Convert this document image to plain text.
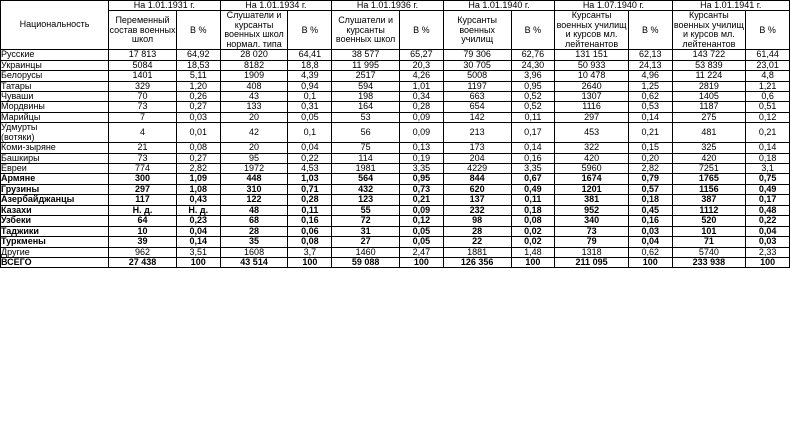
Национальность	На 1.01.1931 г.		На 1.01.1934 г.		На 1.01.1936 г.		На 1.01.1940 г.		На 1.07.1940 г.		На 1.01.1941 г.	
	Переменный состав военных школ	В %	Слушатели и курсанты военных школ нормал. типа	В %	Слушатели и курсанты военных школ	В %	Курсанты военных училищ	В %	Курсанты военных училищ и курсов мл. лейтенантов	В %	Курсанты военных училищ и курсов мл. лейтенантов	В %
Русские	17 813	64,92	28 020	64,41	38 577	65,27	79 306	62,76	131 151	62,13	143 722	61,44
Украинцы	5084	18,53	8182	18,8	11 995	20,3	30 705	24,30	50 933	24,13	53 839	23,01
Белорусы	1401	5,11	1909	4,39	2517	4,26	5008	3,96	10 478	4,96	11 224	4,8
Татары	329	1,20	408	0,94	594	1,01	1197	0,95	2640	1,25	2819	1,21
Чуваши	70	0,26	43	0,1	198	0,34	663	0,52	1307	0,62	1405	0,6
Мордвины	73	0,27	133	0,31	164	0,28	654	0,52	1116	0,53	1187	0,51
Марийцы	7	0,03	20	0,05	53	0,09	142	0,11	297	0,14	275	0,12
Удмурты
(вотяки)	4	0,01	42	0,1	56	0,09	213	0,17	453	0,21	481	0,21
Коми-зыряне	21	0,08	20	0,04	75	0,13	173	0,14	322	0,15	325	0,14
Башкиры	73	0,27	95	0,22	114	0,19	204	0,16	420	0,20	420	0,18
Евреи	774	2,82	1972	4,53	1981	3,35	4229	3,35	5960	2,82	7251	3,1
Армяне	300	1,09	448	1,03	564	0,95	844	0,67	1674	0,79	1765	0,75
Грузины	297	1,08	310	0,71	432	0,73	620	0,49	1201	0,57	1156	0,49
Азербайджанцы	117	0,43	122	0,28	123	0,21	137	0,11	381	0,18	387	0,17
Казахи	Н. д.	Н. д.	48	0,11	55	0,09	232	0,18	952	0,45	1112	0,48
Узбеки	64	0,23	68	0,16	72	0,12	98	0,08	340	0,16	520	0,22
Таджики	10	0,04	28	0,06	31	0,05	28	0,02	73	0,03	101	0,04
Туркмены	39	0,14	35	0,08	27	0,05	22	0,02	79	0,04	71	0,03
Другие	962	3,51	1608	3,7	1460	2,47	1881	1,48	1318	0,62	5740	2,33
ВСЕГО	27 438	100	43 514	100	59 088	100	126 356	100	211 095	100	233 938	100
